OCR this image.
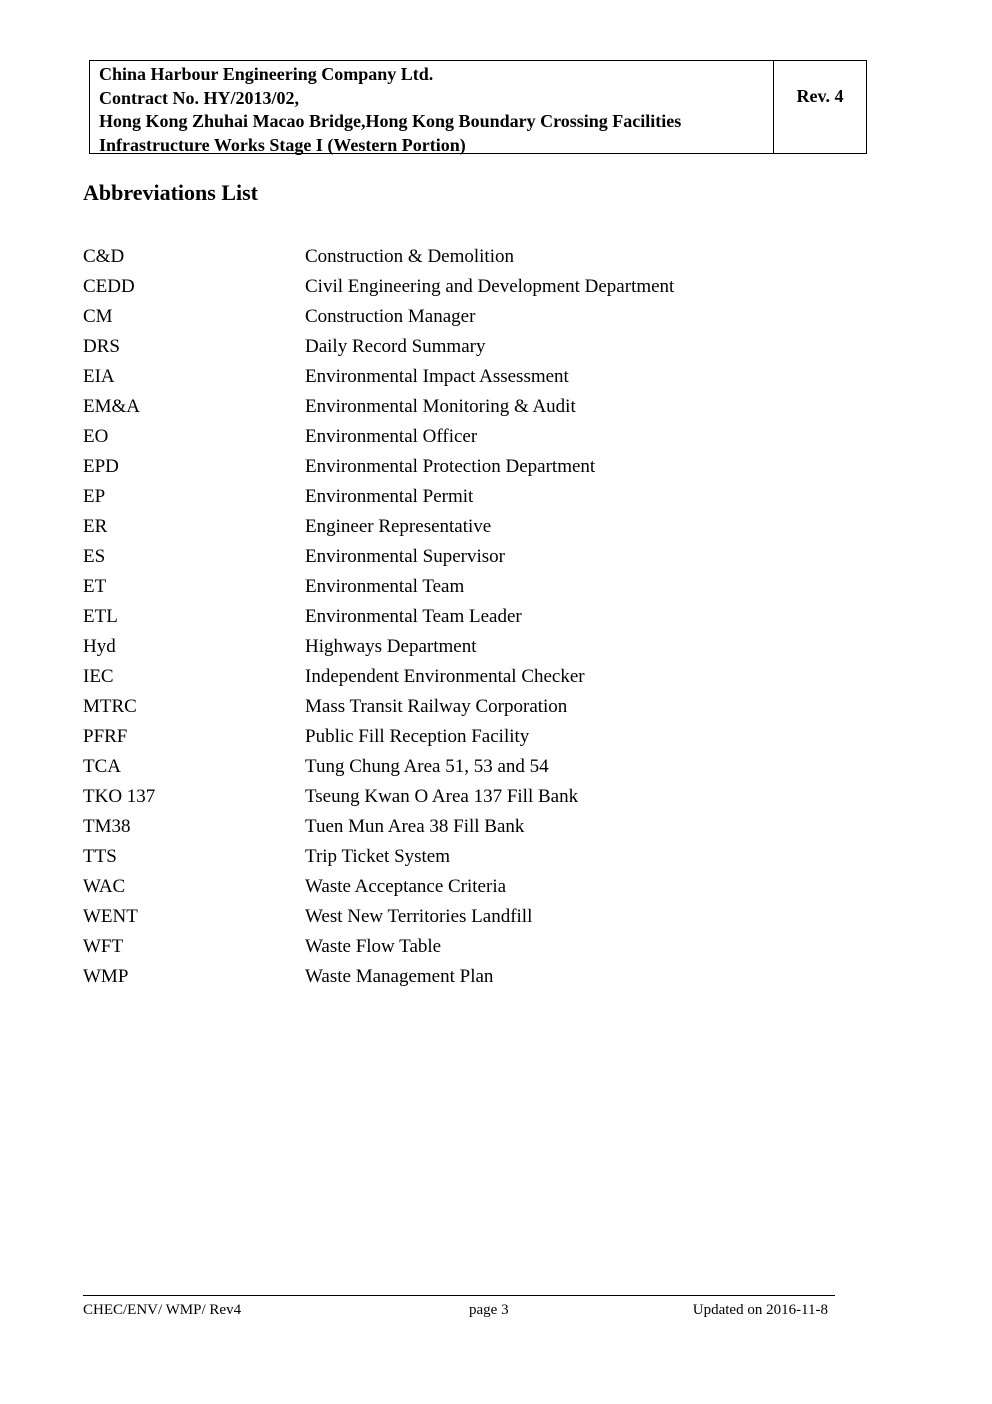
China Harbour Engineering Company Ltd.
Contract No. HY/2013/02,
Hong Kong Zhuhai Macao Bridge,Hong Kong Boundary Crossing Facilities
Infrastructure Works Stage I (Western Portion)
Rev. 4
Abbreviations List
C&D	Construction & Demolition
CEDD	Civil Engineering and Development Department
CM	Construction Manager
DRS	Daily Record Summary
EIA	Environmental Impact Assessment
EM&A	Environmental Monitoring & Audit
EO	Environmental Officer
EPD	Environmental Protection Department
EP	Environmental Permit
ER	Engineer Representative
ES	Environmental Supervisor
ET	Environmental Team
ETL	Environmental Team Leader
Hyd	Highways Department
IEC	Independent Environmental Checker
MTRC	Mass Transit Railway Corporation
PFRF	Public Fill Reception Facility
TCA	Tung Chung Area 51, 53 and 54
TKO 137	Tseung Kwan O Area 137 Fill Bank
TM38	Tuen Mun Area 38 Fill Bank
TTS	Trip Ticket System
WAC	Waste Acceptance Criteria
WENT	West New Territories Landfill
WFT	Waste Flow Table
WMP	Waste Management Plan
CHEC/ENV/ WMP/ Rev4	page 3	Updated on 2016-11-8
